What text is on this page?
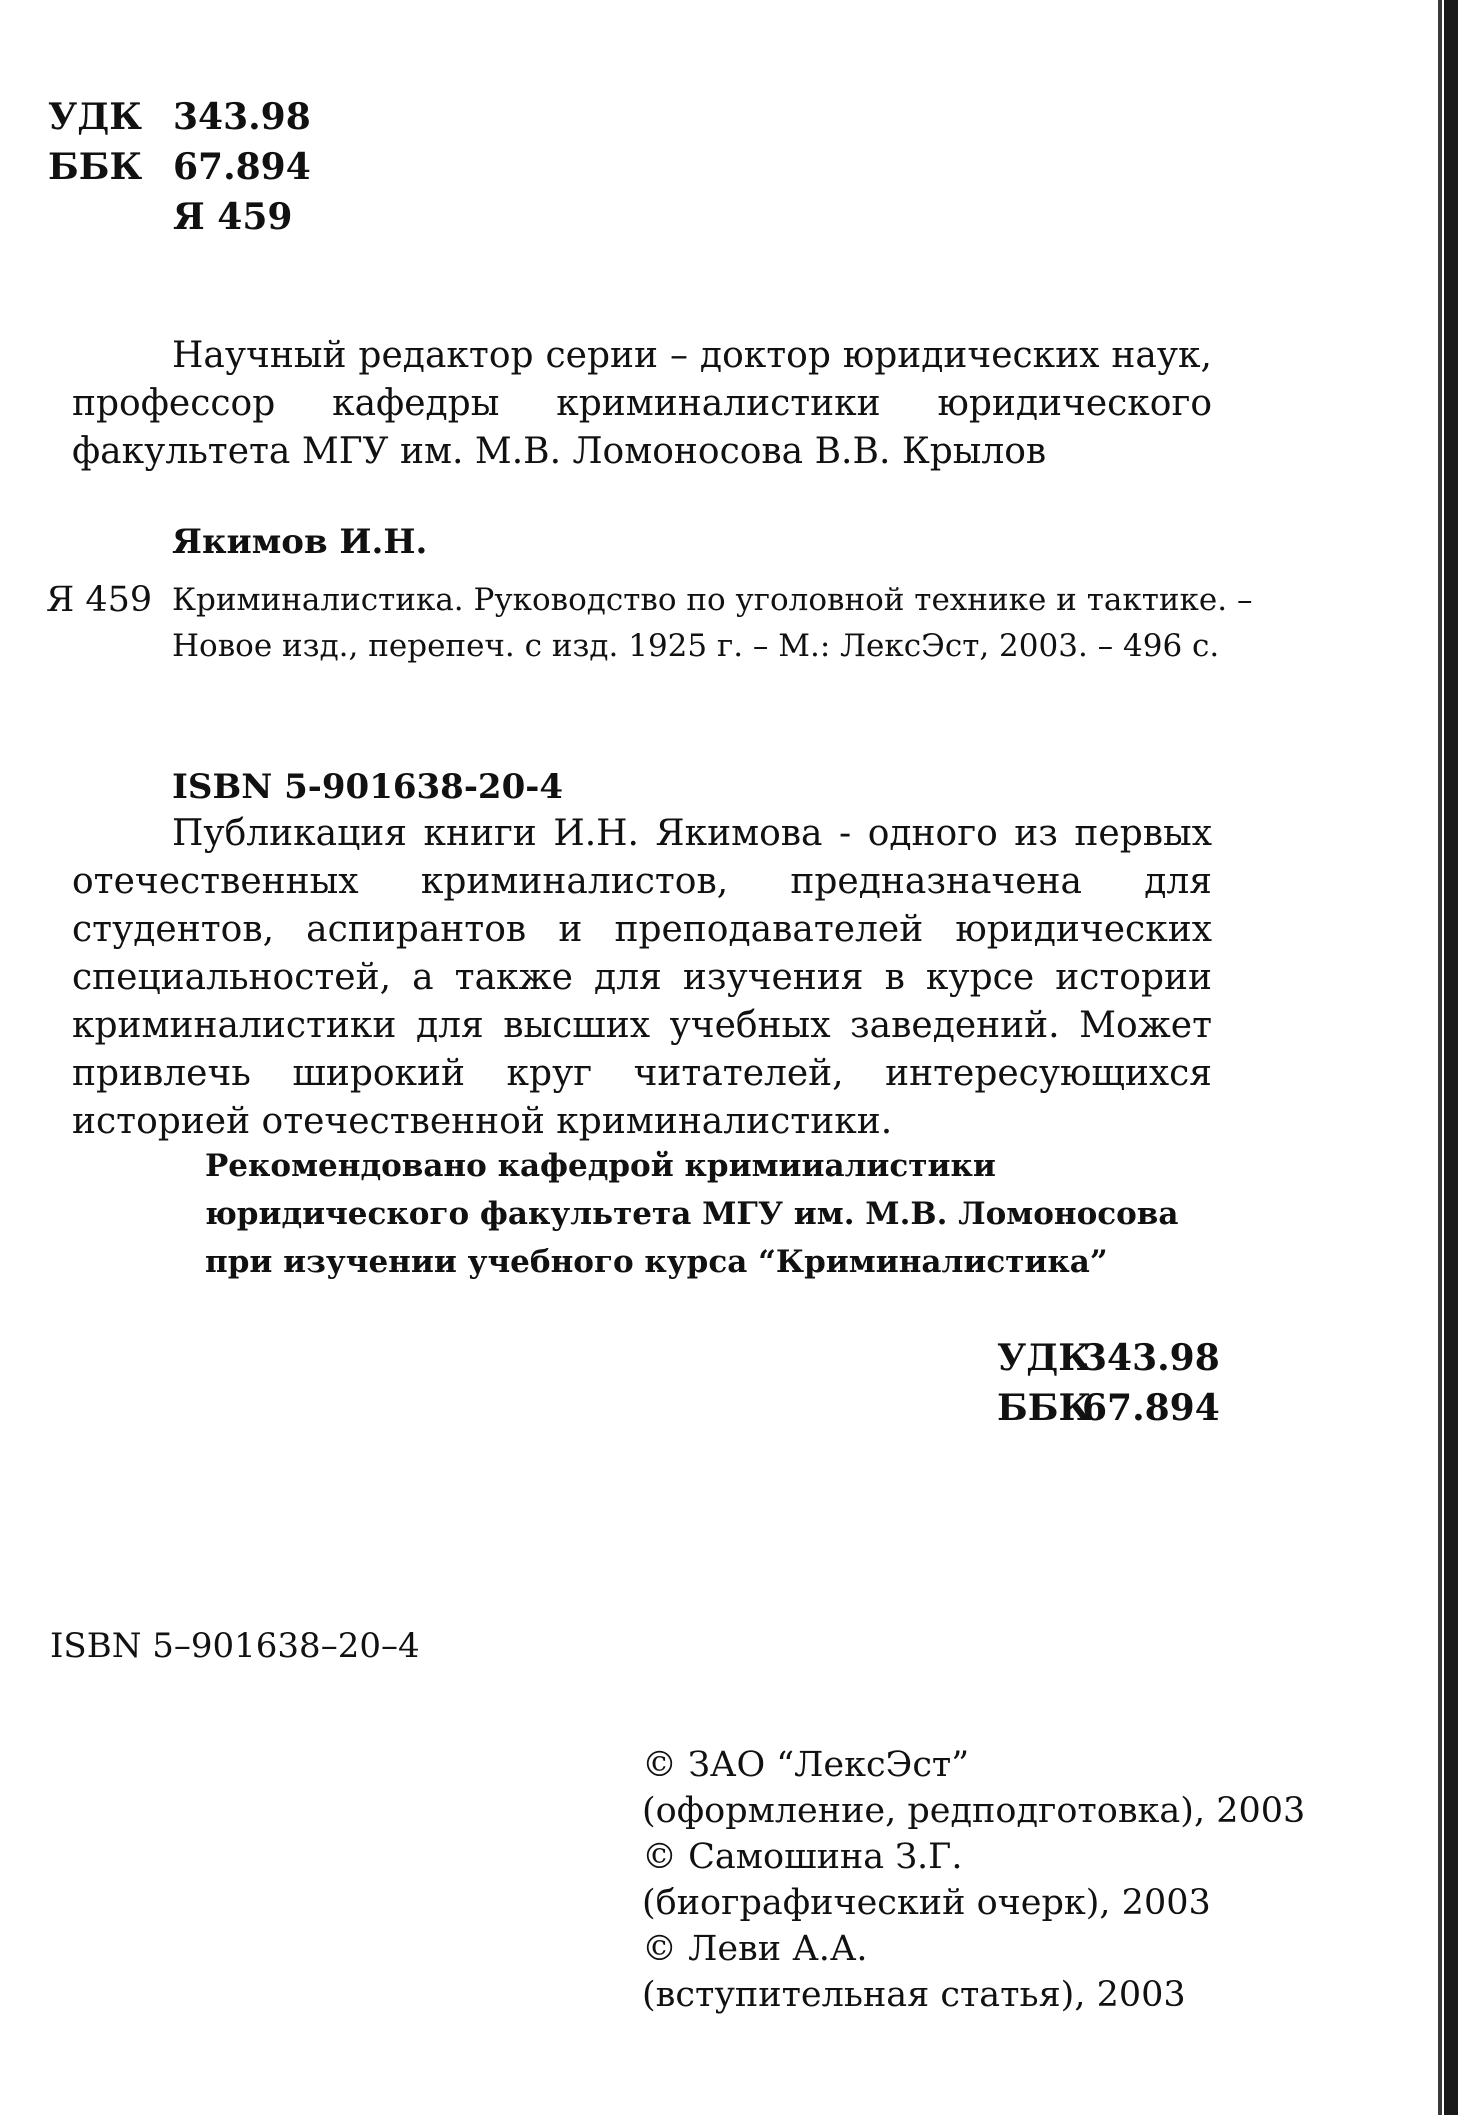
УДК 343.98
ББК 67.894
Я 459
Научный редактор серии – доктор юридических наук, профессор кафедры криминалистики юридического факультета МГУ им. М.В. Ломоносова В.В. Крылов
Якимов И.Н.
Я 459 Криминалистика. Руководство по уголовной технике и тактике. –
Новое изд., перепеч. с изд. 1925 г. – М.: ЛексЭст, 2003. – 496 с.
ISBN 5-901638-20-4
Публикация книги И.Н. Якимова - одного из первых отечественных криминалистов, предназначена для студентов, аспирантов и преподавателей юридических специальностей, а также для изучения в курсе истории криминалистики для высших учебных заведений. Может привлечь широкий круг читателей, интересующихся историей отечественной криминалистики.
Рекомендовано кафедрой кримииалистики
юридического факультета МГУ им. М.В. Ломоносова
при изучении учебного курса “Криминалистика”
УДК
343.98
ББК
67.894
ISBN 5–901638–20–4
© ЗАО “ЛексЭст”
(оформление, редподготовка), 2003
© Самошина З.Г.
(биографический очерк), 2003
© Леви А.А.
(вступительная статья), 2003
